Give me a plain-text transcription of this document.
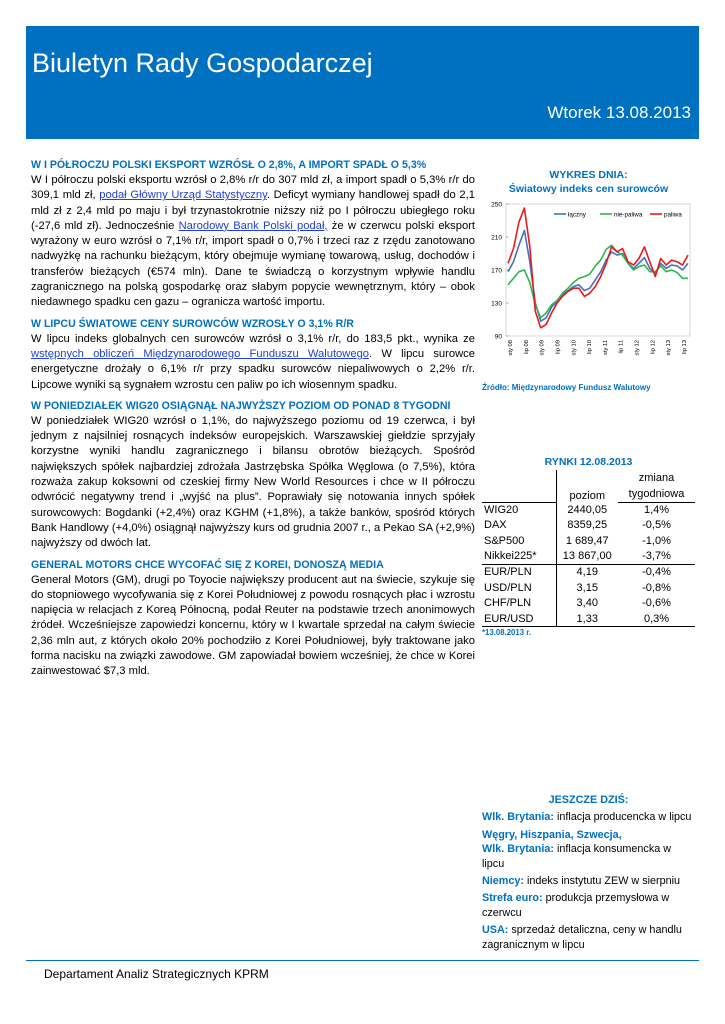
Biuletyn Rady Gospodarczej
Wtorek 13.08.2013
W I PÓŁROCZU POLSKI EKSPORT WZRÓSŁ O 2,8%, A IMPORT SPADŁ O 5,3%

W I półroczu polski eksportu wzrósł o 2,8% r/r do 307 mld zł, a import spadł o 5,3% r/r do 309,1 mld zł, podał Główny Urząd Statystyczny. Deficyt wymiany handlowej spadł do 2,1 mld zł z 2,4 mld po maju i był trzynastokrotnie niższy niż po I półroczu ubiegłego roku (-27,6 mld zł). Jednocześnie Narodowy Bank Polski podał, że w czerwcu polski eksport wyrażony w euro wzrósł o 7,1% r/r, import spadł o 0,7% i trzeci raz z rzędu zanotowano nadwyżkę na rachunku bieżącym, który obejmuje wymianę towarową, usług, dochodów i transferów bieżących (€574 mln). Dane te świadczą o korzystnym wpływie handlu zagranicznego na polską gospodarkę oraz słabym popycie wewnętrznym, który – obok niedawnego spadku cen gazu – ogranicza wartość importu.

W LIPCU ŚWIATOWE CENY SUROWCÓW WZROSŁY O 3,1% R/R

W lipcu indeks globalnych cen surowców wzrósł o 3,1% r/r, do 183,5 pkt., wynika ze wstępnych obliczeń Międzynarodowego Funduszu Walutowego. W lipcu surowce energetyczne drożały o 6,1% r/r przy spadku surowców niepaliwowych o 2,2% r/r. Lipcowe wyniki są sygnałem wzrostu cen paliw po ich wiosennym spadku.

W PONIEDZIAŁEK WIG20 OSIĄGNĄŁ NAJWYŻSZY POZIOM OD PONAD 8 TYGODNI

W poniedziałek WIG20 wzrósł o 1,1%, do najwyższego poziomu od 19 czerwca, i był jednym z najsilniej rosnących indeksów europejskich. Warszawskiej giełdzie sprzyjały korzystne wyniki handlu zagranicznego i bilansu obrotów bieżących. Spośród największych spółek najbardziej zdrożała Jastrzębska Spółka Węglowa (o 7,5%), która rozważa zakup koksowni od czeskiej firmy New World Resources i chce w II półroczu odwrócić negatywny trend i „wyjść na plus”. Poprawiały się notowania innych spółek surowcowych: Bogdanki (+2,4%) oraz KGHM (+1,8%), a także banków, spośród których Bank Handlowy (+4,0%) osiągnął najwyższy kurs od grudnia 2007 r., a Pekao SA (+2,9%) najwyższy od dwóch lat.

GENERAL MOTORS CHCE WYCOFAĆ SIĘ Z KOREI, DONOSZĄ MEDIA

General Motors (GM), drugi po Toyocie największy producent aut na świecie, szykuje się do stopniowego wycofywania się z Korei Południowej z powodu rosnących płac i wzrostu napięcia w relacjach z Koreą Północną, podał Reuter na podstawie trzech anonimowych źródeł. Wcześniejsze zapowiedzi koncernu, który w I kwartale sprzedał na całym świecie 2,36 mln aut, z których około 20% pochodziło z Korei Południowej, były traktowane jako forma nacisku na związki zawodowe. GM zapowiadał bowiem wcześniej, że chce w Korei zainwestować $7,3 mld.

WYKRES DNIA:
Światowy indeks cen surowców
90
130
170
210
250
sty 08 lip 08 sty 09 lip 09 sty 10 lip 10 sty 11 lip 11 sty 12 lip 12 sty 13 lip 13
łączny	nie-paliwa	paliwa
Źródło: Międzynarodowy Fundusz Walutowy
RYNKI 12.08.2013
	poziom	zmiana
		tygodniowa
WIG20	2440,05	1,4%
DAX	8359,25	-0,5%
S&P500	1 689,47	-1,0%
Nikkei225*	13 867,00	-3,7%
EUR/PLN	4,19	-0,4%
USD/PLN	3,15	-0,8%
CHF/PLN	3,40	-0,6%
EUR/USD	1,33	0,3%
*13.08.2013 r.
JESZCZE DZIŚ:
Wlk. Brytania: inflacja producencka w lipcu
Węgry, Hiszpania, Szwecja,
Wlk. Brytania: inflacja konsumencka w lipcu
Niemcy: indeks instytutu ZEW w sierpniu
Strefa euro: produkcja przemysłowa w czerwcu
USA: sprzedaż detaliczna, ceny w handlu zagranicznym w lipcu
Departament Analiz Strategicznych KPRM
